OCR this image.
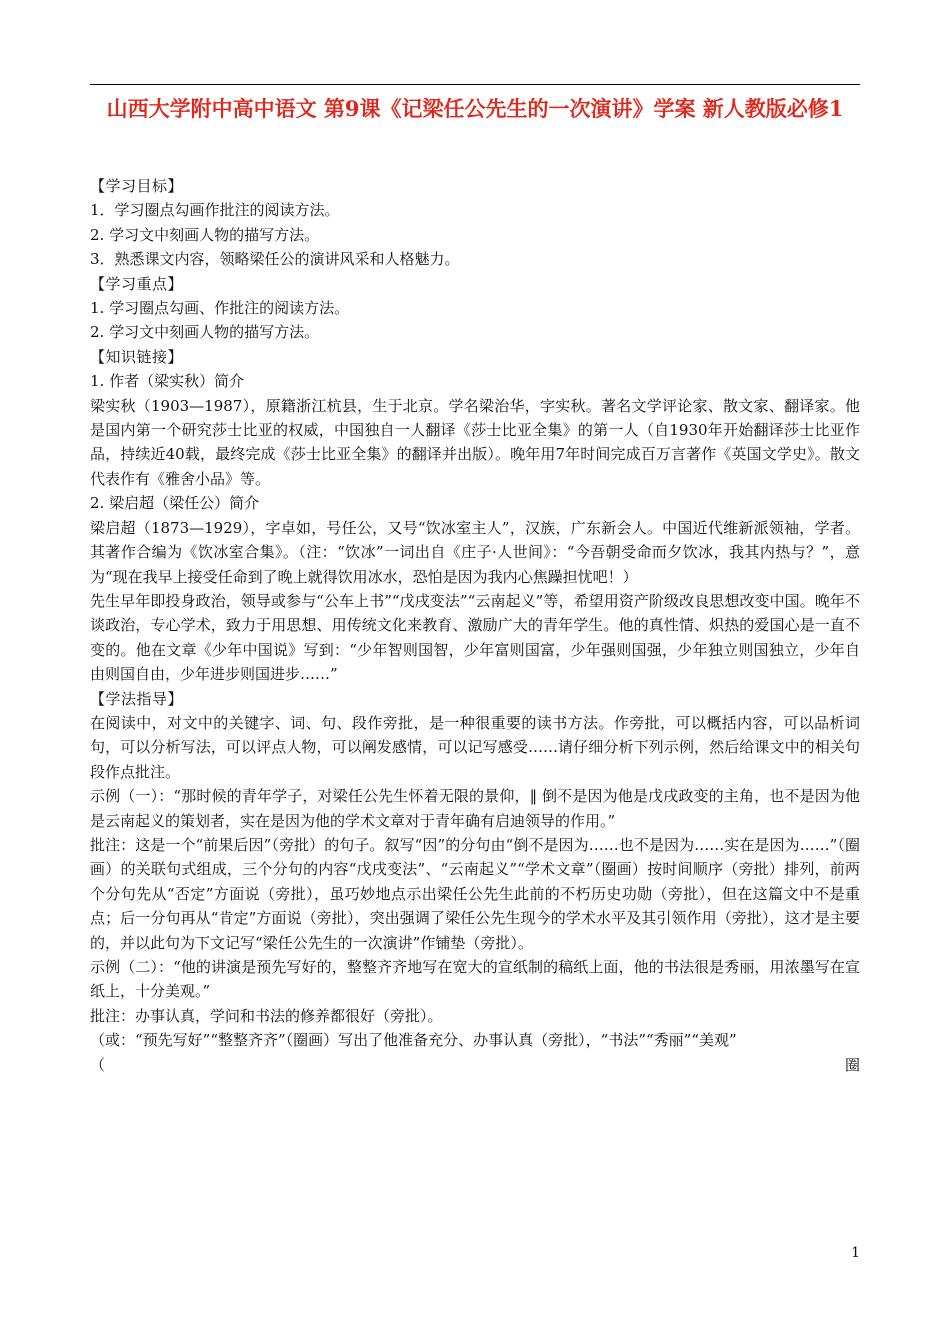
山西大学附中高中语文 第9课《记梁任公先生的一次演讲》学案 新人教版必修1

【学习目标】

1．学习圈点勾画作批注的阅读方法。

2. 学习文中刻画人物的描写方法。

3．熟悉课文内容，领略梁任公的演讲风采和人格魅力。

【学习重点】

1. 学习圈点勾画、作批注的阅读方法。

2. 学习文中刻画人物的描写方法。

【知识链接】

1. 作者（梁实秋）简介

梁实秋（1903—1987），原籍浙江杭县，生于北京。学名梁治华，字实秋。著名文学评论家、散文家、翻译家。他是国内第一个研究莎士比亚的权威，中国独自一人翻译《莎士比亚全集》的第一人（自1930年开始翻译莎士比亚作品，持续近40载，最终完成《莎士比亚全集》的翻译并出版）。晚年用7年时间完成百万言著作《英国文学史》。散文代表作有《雅舍小品》等。

2. 梁启超（梁任公）简介

梁启超（1873—1929），字卓如，号任公，又号“饮冰室主人”，汉族，广东新会人。中国近代维新派领袖，学者。其著作合编为《饮冰室合集》。（注：“饮冰”一词出自《庄子·人世间》：“今吾朝受命而夕饮冰，我其内热与？”，意为“现在我早上接受任命到了晚上就得饮用冰水，恐怕是因为我内心焦躁担忧吧！）

先生早年即投身政治，领导或参与“公车上书”“戊戌变法”“云南起义”等，希望用资产阶级改良思想改变中国。晚年不谈政治，专心学术，致力于用思想、用传统文化来教育、激励广大的青年学生。他的真性情、炽热的爱国心是一直不变的。他在文章《少年中国说》写到：“少年智则国智，少年富则国富，少年强则国强，少年独立则国独立，少年自由则国自由，少年进步则国进步……”

【学法指导】

在阅读中，对文中的关键字、词、句、段作旁批，是一种很重要的读书方法。作旁批，可以概括内容，可以品析词句，可以分析写法，可以评点人物，可以阐发感情，可以记写感受……请仔细分析下列示例，然后给课文中的相关句段作点批注。

示例（一）：“那时候的青年学子，对梁任公先生怀着无限的景仰，‖ 倒不是因为他是戊戌政变的主角，也不是因为他是云南起义的策划者，实在是因为他的学术文章对于青年确有启迪领导的作用。”

批注：这是一个“前果后因”（旁批）的句子。叙写“因”的分句由“倒不是因为……也不是因为……实在是因为……”（圈画）的关联句式组成，三个分句的内容“戊戌变法”、“云南起义”“学术文章”（圈画）按时间顺序（旁批）排列，前两个分句先从“否定”方面说（旁批），虽巧妙地点示出梁任公先生此前的不朽历史功勋（旁批），但在这篇文中不是重点；后一分句再从“肯定”方面说（旁批），突出强调了梁任公先生现今的学术水平及其引领作用（旁批），这才是主要的，并以此句为下文记写“梁任公先生的一次演讲”作铺垫（旁批）。

示例（二）：“他的讲演是预先写好的，整整齐齐地写在宽大的宣纸制的稿纸上面，他的书法很是秀丽，用浓墨写在宣纸上，十分美观。”

批注：办事认真，学问和书法的修养都很好（旁批）。

（或：“预先写好”“整整齐齐”（圈画）写出了他准备充分、办事认真（旁批），“书法”“秀丽”“美观”

（	圈
1
